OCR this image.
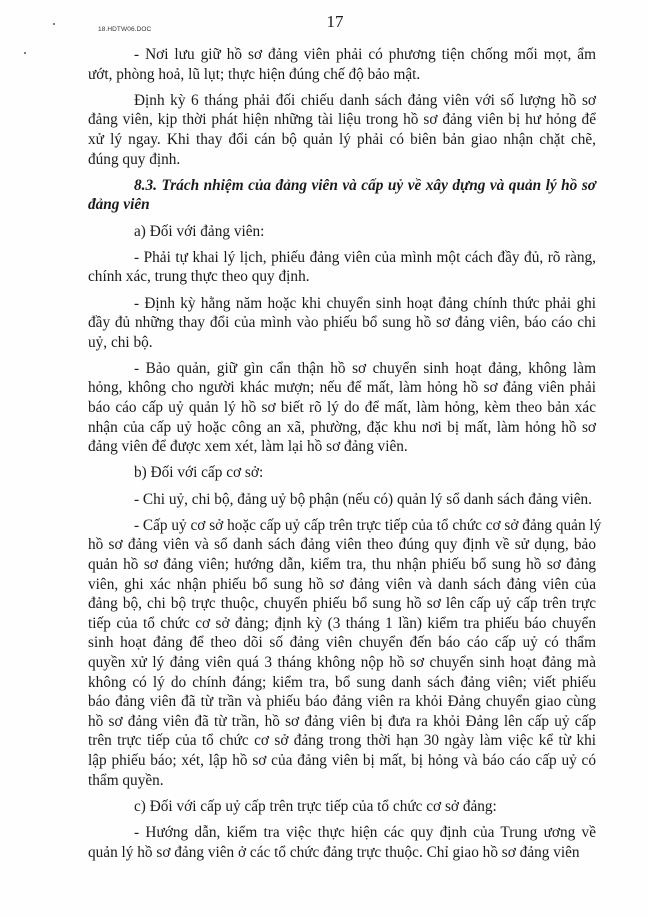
18.HDTW06.DOC	17
- Nơi lưu giữ hồ sơ đảng viên phải có phương tiện chống mối mọt, ẩm
ướt, phòng hoả, lũ lụt; thực hiện đúng chế độ bảo mật.
Định kỳ 6 tháng phải đối chiếu danh sách đảng viên với số lượng hồ sơ
đảng viên, kịp thời phát hiện những tài liệu trong hồ sơ đảng viên bị hư hỏng để
xử lý ngay. Khi thay đổi cán bộ quản lý phải có biên bản giao nhận chặt chẽ,
đúng quy định.
8.3. Trách nhiệm của đảng viên và cấp uỷ về xây dựng và quản lý hồ sơ
đảng viên
a) Đối với đảng viên:
- Phải tự khai lý lịch, phiếu đảng viên của mình một cách đầy đủ, rõ ràng,
chính xác, trung thực theo quy định.
- Định kỳ hằng năm hoặc khi chuyển sinh hoạt đảng chính thức phải ghi
đầy đủ những thay đổi của mình vào phiếu bổ sung hồ sơ đảng viên, báo cáo chi
uỷ, chi bộ.
- Bảo quản, giữ gìn cẩn thận hồ sơ chuyển sinh hoạt đảng, không làm
hỏng, không cho người khác mượn; nếu để mất, làm hỏng hồ sơ đảng viên phải
báo cáo cấp uỷ quản lý hồ sơ biết rõ lý do để mất, làm hỏng, kèm theo bản xác
nhận của cấp uỷ hoặc công an xã, phường, đặc khu nơi bị mất, làm hỏng hồ sơ
đảng viên để được xem xét, làm lại hồ sơ đảng viên.
b) Đối với cấp cơ sở:
- Chi uỷ, chi bộ, đảng uỷ bộ phận (nếu có) quản lý sổ danh sách đảng viên.
- Cấp uỷ cơ sở hoặc cấp uỷ cấp trên trực tiếp của tổ chức cơ sở đảng quản lý
hồ sơ đảng viên và sổ danh sách đảng viên theo đúng quy định về sử dụng, bảo
quản hồ sơ đảng viên; hướng dẫn, kiểm tra, thu nhận phiếu bổ sung hồ sơ đảng
viên, ghi xác nhận phiếu bổ sung hồ sơ đảng viên và danh sách đảng viên của
đảng bộ, chi bộ trực thuộc, chuyển phiếu bổ sung hồ sơ lên cấp uỷ cấp trên trực
tiếp của tổ chức cơ sở đảng; định kỳ (3 tháng 1 lần) kiểm tra phiếu báo chuyển
sinh hoạt đảng để theo dõi số đảng viên chuyển đến báo cáo cấp uỷ có thẩm
quyền xử lý đảng viên quá 3 tháng không nộp hồ sơ chuyển sinh hoạt đảng mà
không có lý do chính đáng; kiểm tra, bổ sung danh sách đảng viên; viết phiếu
báo đảng viên đã từ trần và phiếu báo đảng viên ra khỏi Đảng chuyển giao cùng
hồ sơ đảng viên đã từ trần, hồ sơ đảng viên bị đưa ra khỏi Đảng lên cấp uỷ cấp
trên trực tiếp của tổ chức cơ sở đảng trong thời hạn 30 ngày làm việc kể từ khi
lập phiếu báo; xét, lập hồ sơ của đảng viên bị mất, bị hỏng và báo cáo cấp uỷ có
thẩm quyền.
c) Đối với cấp uỷ cấp trên trực tiếp của tổ chức cơ sở đảng:
- Hướng dẫn, kiểm tra việc thực hiện các quy định của Trung ương về
quản lý hồ sơ đảng viên ở các tổ chức đảng trực thuộc. Chỉ giao hồ sơ đảng viên
